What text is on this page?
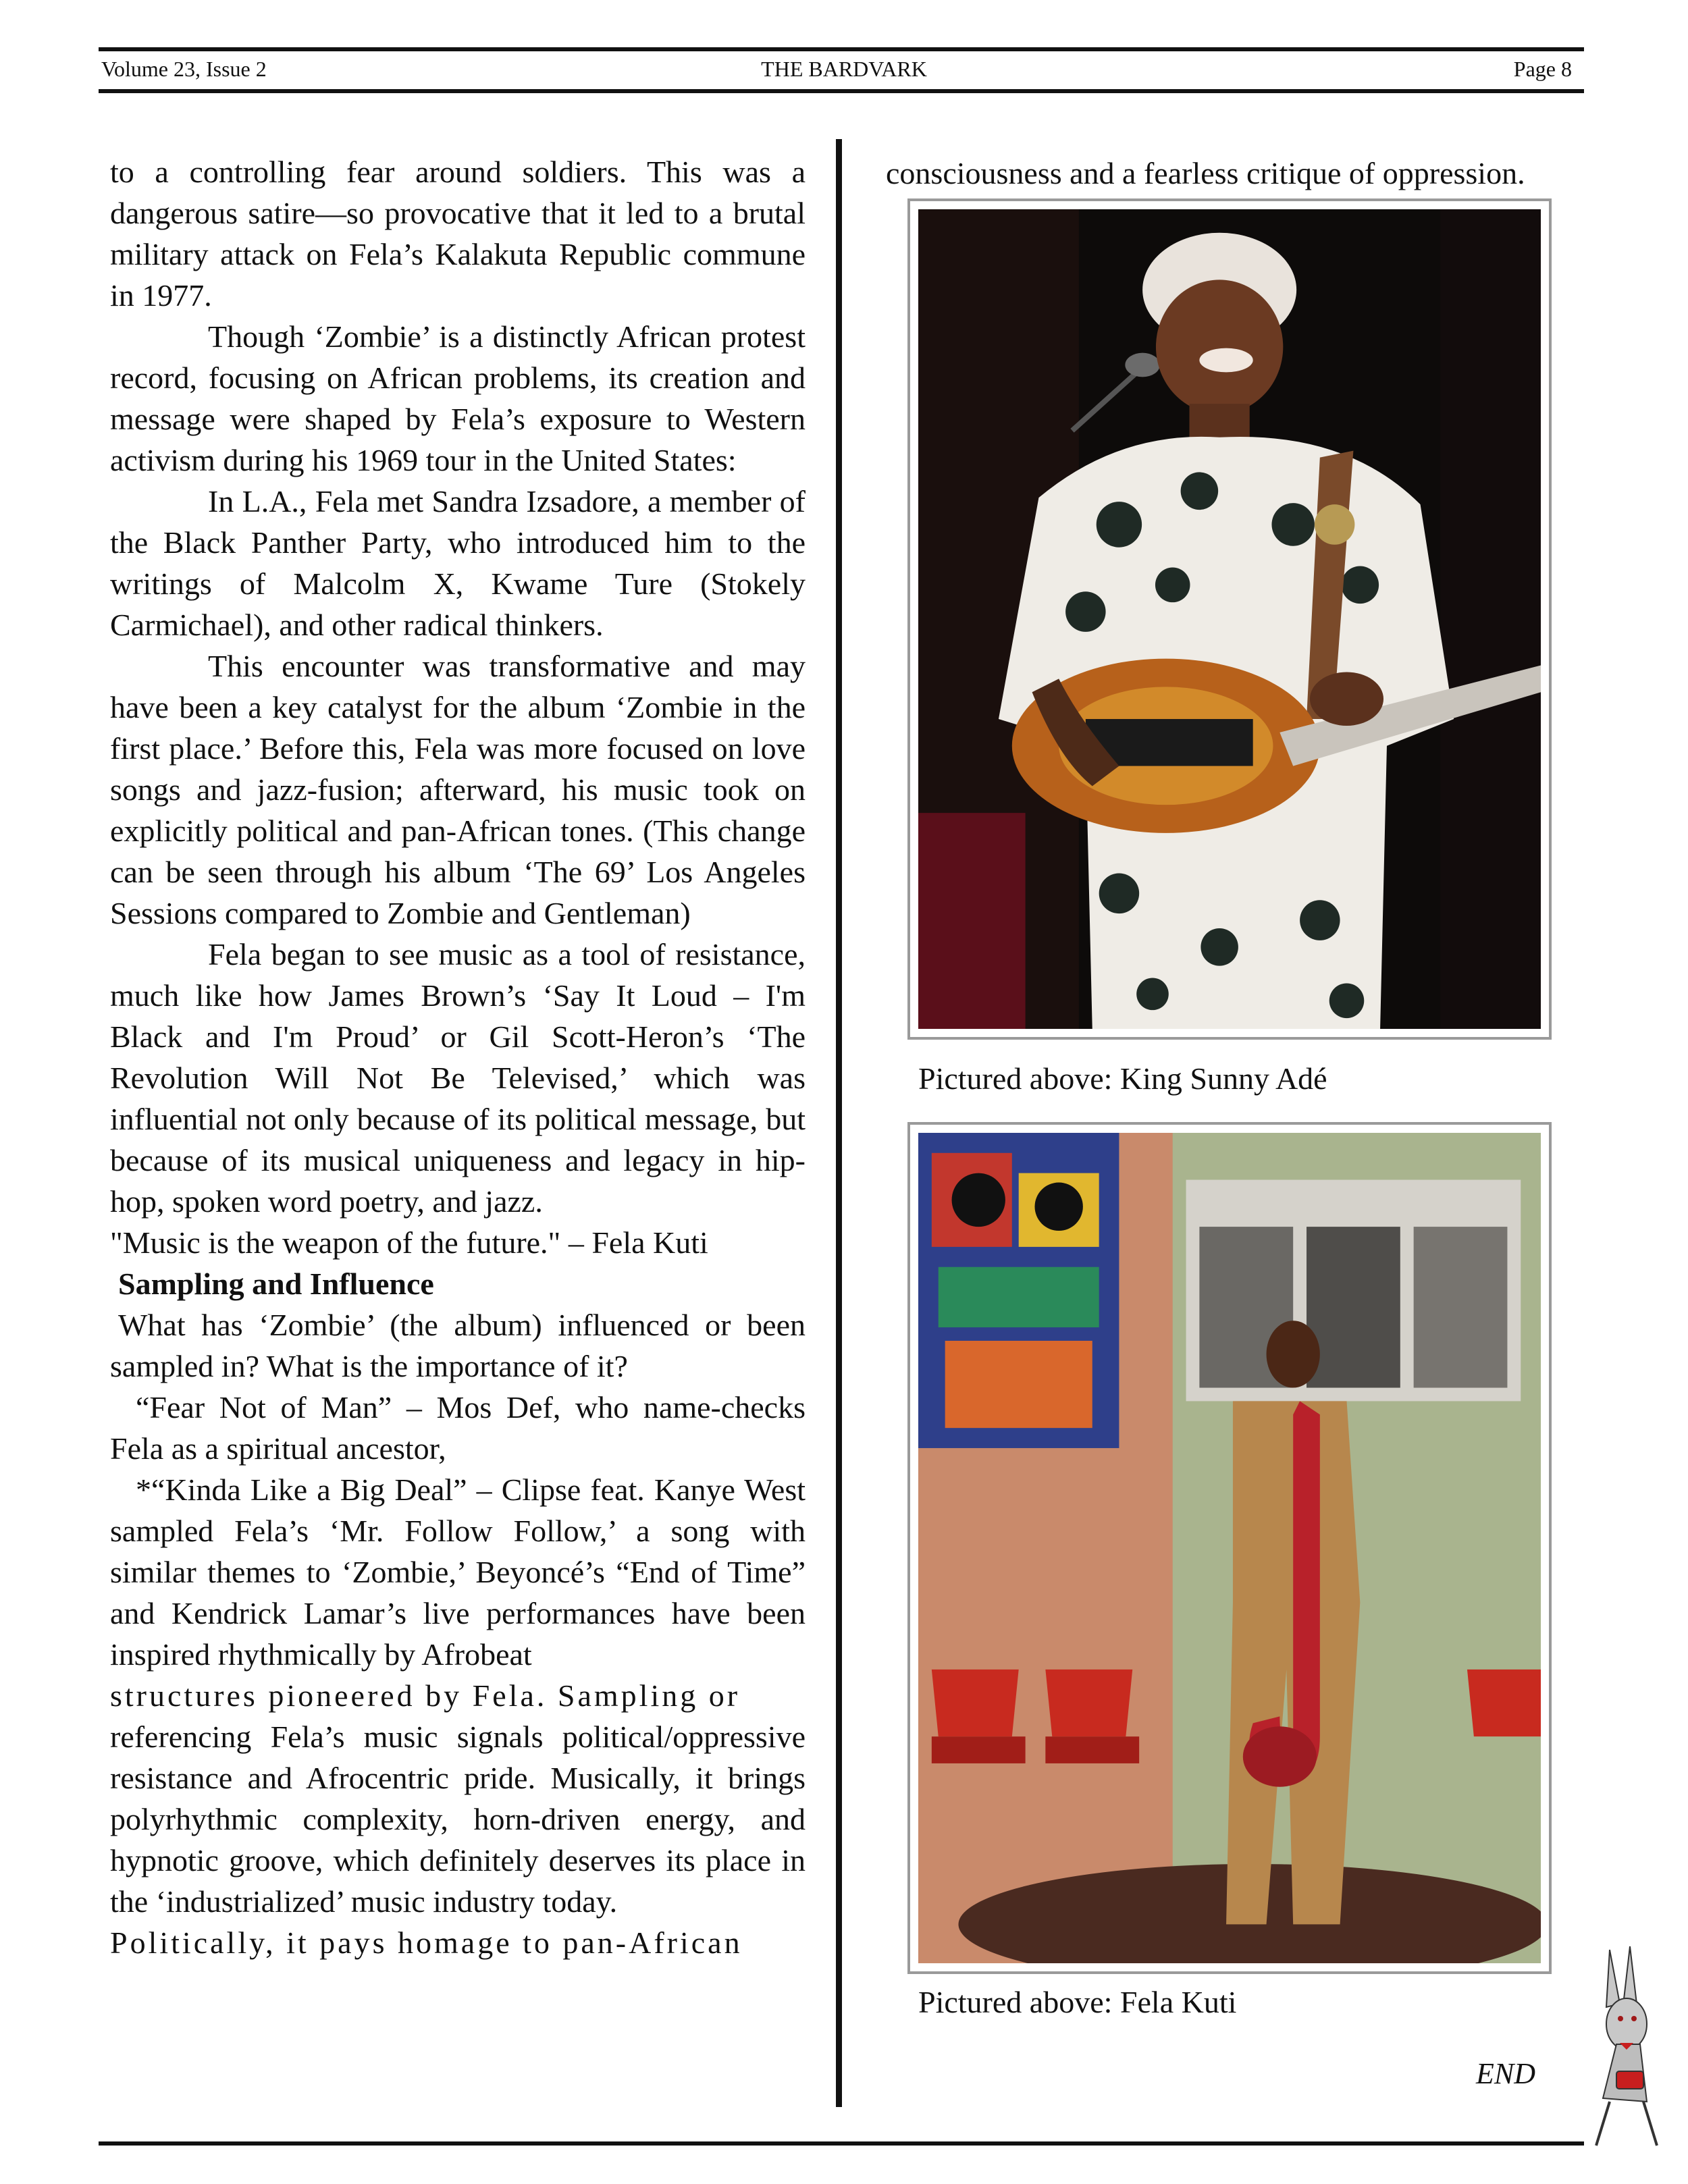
Volume 23, Issue 2	THE BARDVARK	Page 8

to a controlling fear around soldiers. This was a dangerous satire—so provocative that it led to a brutal military attack on Fela’s Kalakuta Republic commune in 1977.

Though ‘Zombie’ is a distinctly African protest record, focusing on African problems, its creation and message were shaped by Fela’s exposure to Western activism during his 1969 tour in the United States:

In L.A., Fela met Sandra Izsadore, a member of the Black Panther Party, who introduced him to the writings of Malcolm X, Kwame Ture (Stokely Carmichael), and other radical thinkers.

This encounter was transformative and may have been a key catalyst for the album ‘Zombie in the first place.’ Before this, Fela was more focused on love songs and jazz-fusion; afterward, his music took on explicitly political and pan-African tones. (This change can be seen through his album ‘The 69’ Los Angeles Sessions compared to Zombie and Gentleman)

Fela began to see music as a tool of resistance, much like how James Brown’s ‘Say It Loud – I'm Black and I'm Proud’ or Gil Scott-Heron’s ‘The Revolution Will Not Be Televised,’ which was influential not only because of its political message, but because of its musical uniqueness and legacy in hip-hop, spoken word poetry, and jazz.

"Music is the weapon of the future." – Fela Kuti

Sampling and Influence

What has ‘Zombie’ (the album) influenced or been sampled in? What is the importance of it?

“Fear Not of Man” – Mos Def, who name-checks Fela as a spiritual ancestor,

*“Kinda Like a Big Deal” – Clipse feat. Kanye West sampled Fela’s ‘Mr. Follow Follow,’ a song with similar themes to ‘Zombie,’ Beyoncé’s “End of Time” and Kendrick Lamar’s live performances have been inspired rhythmically by Afrobeat

structures pioneered by Fela. Sampling or

referencing Fela’s music signals political/oppressive resistance and Afrocentric pride. Musically, it brings polyrhythmic complexity, horn-driven energy, and hypnotic groove, which definitely deserves its place in the ‘industrialized’ music industry today.

Politically, it pays homage to pan-African

consciousness and a fearless critique of oppression.
Pictured above: King Sunny Adé
Pictured above: Fela Kuti
END
